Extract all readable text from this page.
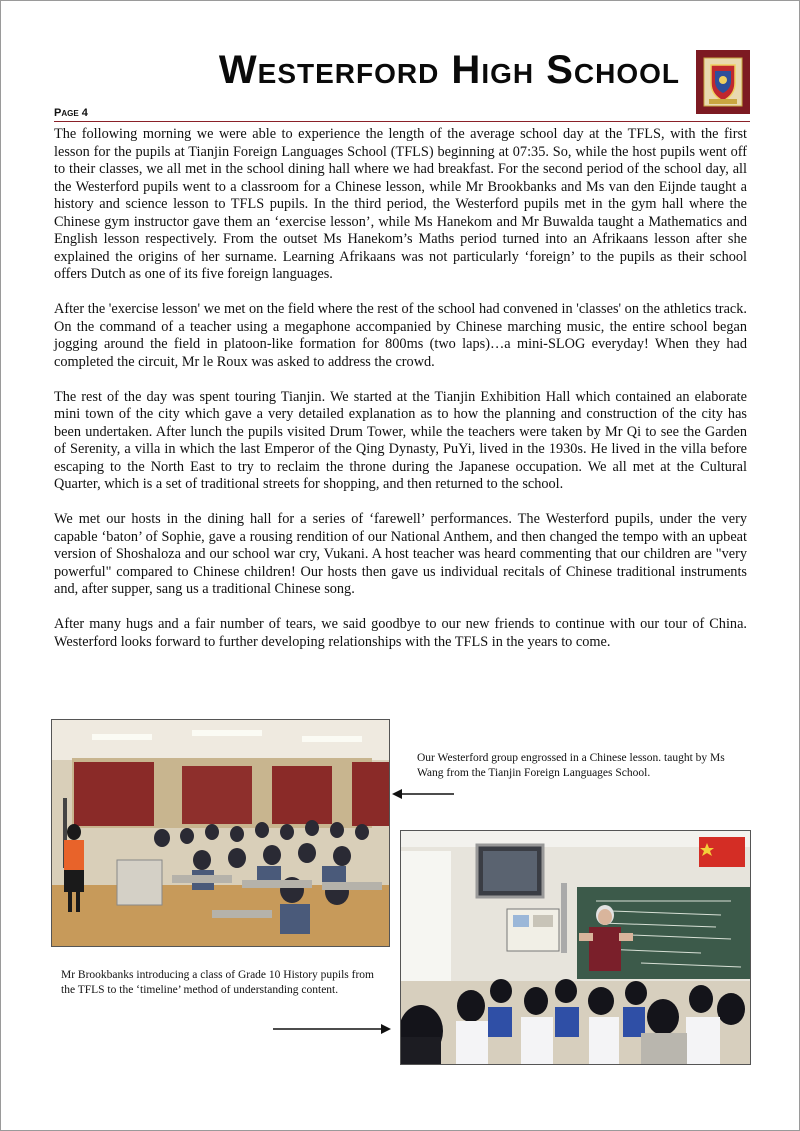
Westerford High School
Page 4

The following morning we were able to experience the length of the average school day at the TFLS, with the first lesson for the pupils at Tianjin Foreign Languages School (TFLS) beginning at 07:35. So, while the host pupils went off to their classes, we all met in the school dining hall where we had breakfast. For the second period of the school day, all the Westerford pupils went to a classroom for a Chinese lesson, while Mr Brookbanks and Ms van den Eijnde taught a history and science lesson to TFLS pupils. In the third period, the Westerford pupils met in the gym hall where the Chinese gym instructor gave them an ‘exercise lesson’, while Ms Hanekom and Mr Buwalda taught a Mathematics and English lesson respectively. From the outset Ms Hanekom’s Maths period turned into an Afrikaans lesson after she explained the origins of her surname. Learning Afrikaans was not particularly ‘foreign’ to the pupils as their school offers Dutch as one of its five foreign languages.

After the 'exercise lesson' we met on the field where the rest of the school had convened in 'classes' on the athletics track. On the command of a teacher using a megaphone accompanied by Chinese marching music, the entire school began jogging around the field in platoon-like formation for 800ms (two laps)…a mini-SLOG everyday! When they had completed the circuit, Mr le Roux was asked to address the crowd.

The rest of the day was spent touring Tianjin. We started at the Tianjin Exhibition Hall which contained an elaborate mini town of the city which gave a very detailed explanation as to how the planning and construction of the city has been undertaken. After lunch the pupils visited Drum Tower, while the teachers were taken by Mr Qi to see the Garden of Serenity, a villa in which the last Emperor of the Qing Dynasty, PuYi, lived in the 1930s. He lived in the villa before escaping to the North East to try to reclaim the throne during the Japanese occupation. We all met at the Cultural Quarter, which is a set of traditional streets for shopping, and then returned to the school.

We met our hosts in the dining hall for a series of ‘farewell’ performances. The Westerford pupils, under the very capable ‘baton’ of Sophie, gave a rousing rendition of our National Anthem, and then changed the tempo with an upbeat version of Shoshaloza and our school war cry, Vukani. A host teacher was heard commenting that our children are "very powerful" compared to Chinese children! Our hosts then gave us individual recitals of Chinese traditional instruments and, after supper, sang us a traditional Chinese song.

After many hugs and a fair number of tears, we said goodbye to our new friends to continue with our tour of China. Westerford looks forward to further developing relationships with the TFLS in the years to come.

Our Westerford group engrossed in a Chinese lesson. taught by Ms Wang from the Tianjin Foreign Languages School.
Mr Brookbanks introducing a class of Grade 10 History pupils from the TFLS to the ‘timeline’ method of understanding content.
